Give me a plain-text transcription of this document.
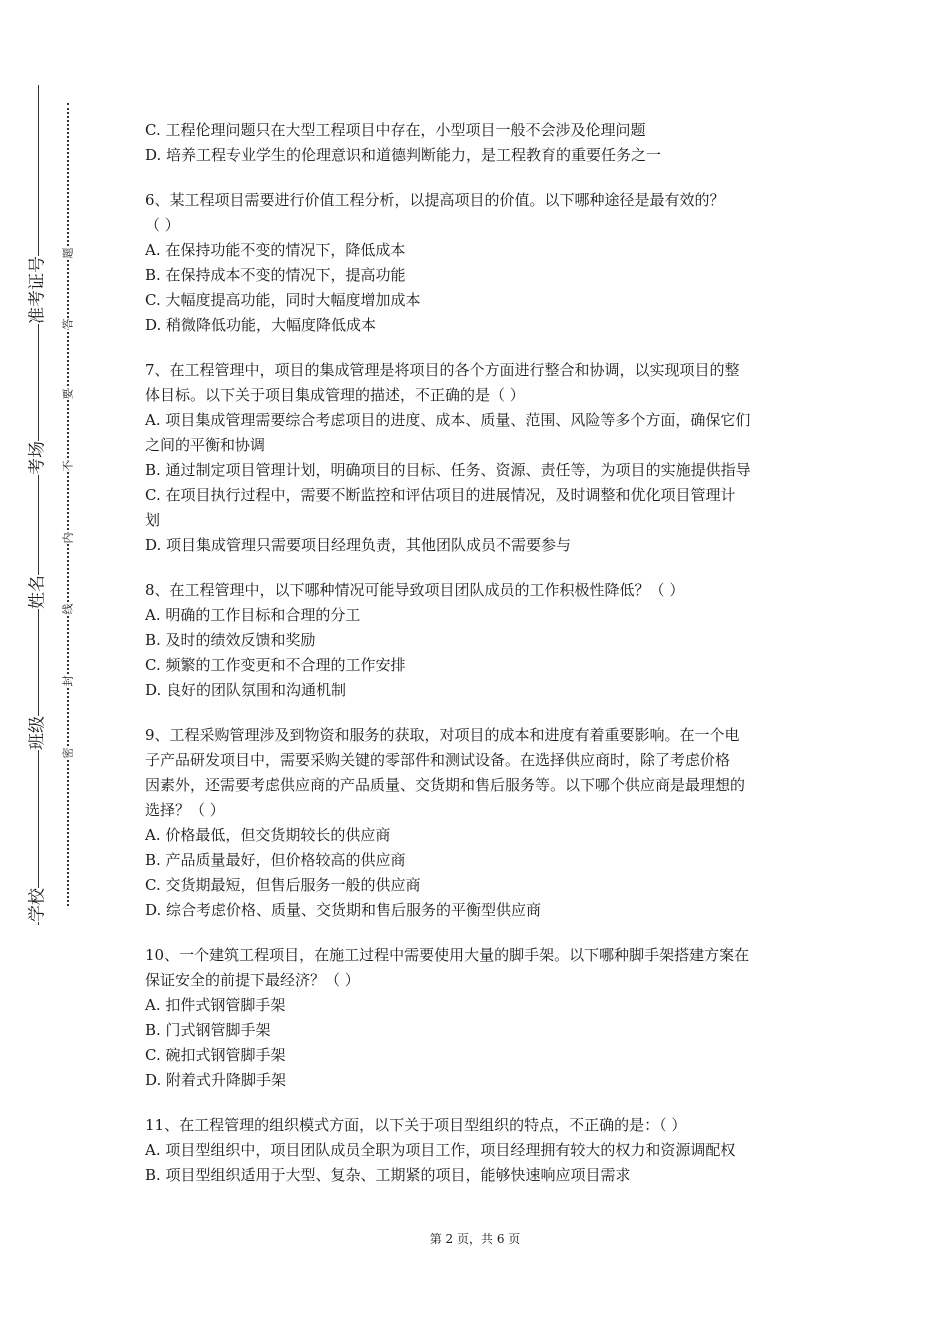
准考证号
考场
姓名
班级
学校
题
答
要
不
内
线
封
密

C. 工程伦理问题只在大型工程项目中存在，小型项目一般不会涉及伦理问题

D. 培养工程专业学生的伦理意识和道德判断能力，是工程教育的重要任务之一

6、某工程项目需要进行价值工程分析，以提高项目的价值。以下哪种途径是最有效的？

（ ）

A. 在保持功能不变的情况下，降低成本

B. 在保持成本不变的情况下，提高功能

C. 大幅度提高功能，同时大幅度增加成本

D. 稍微降低功能，大幅度降低成本

7、在工程管理中，项目的集成管理是将项目的各个方面进行整合和协调，以实现项目的整

体目标。以下关于项目集成管理的描述，不正确的是（ ）

A. 项目集成管理需要综合考虑项目的进度、成本、质量、范围、风险等多个方面，确保它们

之间的平衡和协调

B. 通过制定项目管理计划，明确项目的目标、任务、资源、责任等，为项目的实施提供指导

C. 在项目执行过程中，需要不断监控和评估项目的进展情况，及时调整和优化项目管理计

划

D. 项目集成管理只需要项目经理负责，其他团队成员不需要参与

8、在工程管理中，以下哪种情况可能导致项目团队成员的工作积极性降低？（ ）

A. 明确的工作目标和合理的分工

B. 及时的绩效反馈和奖励

C. 频繁的工作变更和不合理的工作安排

D. 良好的团队氛围和沟通机制

9、工程采购管理涉及到物资和服务的获取，对项目的成本和进度有着重要影响。在一个电

子产品研发项目中，需要采购关键的零部件和测试设备。在选择供应商时，除了考虑价格

因素外，还需要考虑供应商的产品质量、交货期和售后服务等。以下哪个供应商是最理想的

选择？（ ）

A. 价格最低，但交货期较长的供应商

B. 产品质量最好，但价格较高的供应商

C. 交货期最短，但售后服务一般的供应商

D. 综合考虑价格、质量、交货期和售后服务的平衡型供应商

10、一个建筑工程项目，在施工过程中需要使用大量的脚手架。以下哪种脚手架搭建方案在

保证安全的前提下最经济？（ ）

A. 扣件式钢管脚手架

B. 门式钢管脚手架

C. 碗扣式钢管脚手架

D. 附着式升降脚手架

11、在工程管理的组织模式方面，以下关于项目型组织的特点，不正确的是：（ ）

A. 项目型组织中，项目团队成员全职为项目工作，项目经理拥有较大的权力和资源调配权

B. 项目型组织适用于大型、复杂、工期紧的项目，能够快速响应项目需求

第 2 页，共 6 页
